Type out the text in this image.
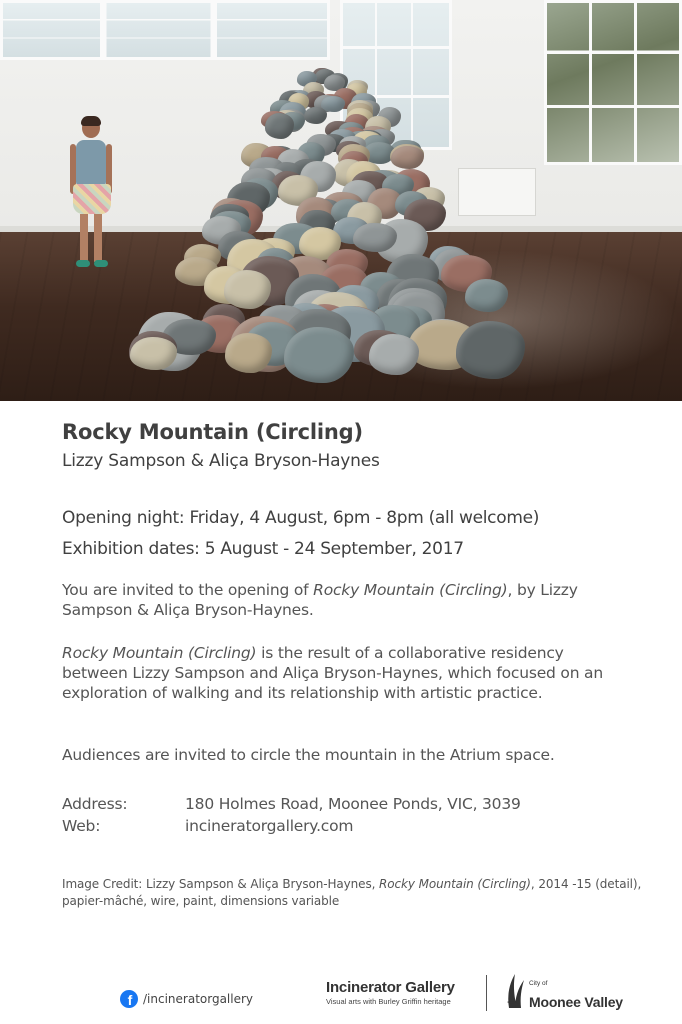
Rocky Mountain (Circling)
Lizzy Sampson & Aliça Bryson-Haynes
Opening night: Friday, 4 August, 6pm - 8pm (all welcome)
Exhibition dates: 5 August - 24 September, 2017
You are invited to the opening of Rocky Mountain (Circling), by Lizzy Sampson & Aliça Bryson-Haynes.
Rocky Mountain (Circling) is the result of a collaborative residency between Lizzy Sampson and Aliça Bryson-Haynes, which focused on an
exploration of walking and its relationship with artistic practice.
Audiences are invited to circle the mountain in the Atrium space.
Address:	180 Holmes Road, Moonee Ponds, VIC, 3039
Web:	incineratorgallery.com
Image Credit: Lizzy Sampson & Aliça Bryson-Haynes, Rocky Mountain (Circling), 2014 -15 (detail), papier-mâché, wire, paint, dimensions variable
f /incineratorgallery
Incinerator Gallery
Visual arts with Burley Griffin heritage
City of
Moonee Valley
